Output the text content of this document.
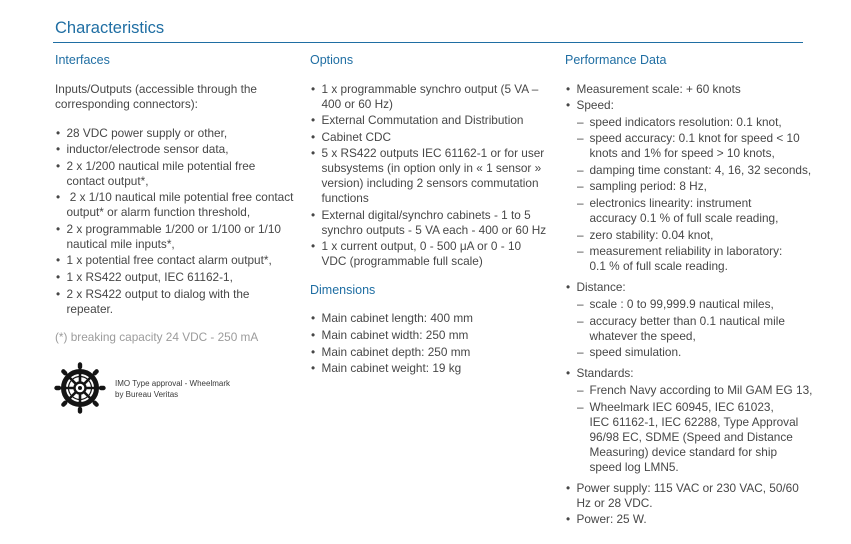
Characteristics
Interfaces

Inputs/Outputs (accessible through the
corresponding connectors):

• 28 VDC power supply or other,
• inductor/electrode sensor data,
• 2 x 1/200 nautical mile potential free
contact output*,
•  2 x 1/10 nautical mile potential free contact
output* or alarm function threshold,
• 2 x programmable 1/200 or 1/100 or 1/10
nautical mile inputs*,
• 1 x potential free contact alarm output*,
• 1 x RS422 output, IEC 61162-1,
• 2 x RS422 output to dialog with the
repeater.

(*) breaking capacity 24 VDC - 250 mA

IMO Type approval - Wheelmark
by Bureau Veritas
Options
• 1 x programmable synchro output (5 VA –
400 or 60 Hz)
• External Commutation and Distribution
• Cabinet CDC
• 5 x RS422 outputs IEC 61162-1 or for user
subsystems (in option only in « 1 sensor »
version) including 2 sensors commutation
functions
• External digital/synchro cabinets - 1 to 5
synchro outputs - 5 VA each - 400 or 60 Hz
• 1 x current output, 0 - 500 μA or 0 - 10
VDC (programmable full scale)
Dimensions
• Main cabinet length: 400 mm
• Main cabinet width: 250 mm
• Main cabinet depth: 250 mm
• Main cabinet weight: 19 kg
Performance Data
• Measurement scale: + 60 knots
• Speed:
– speed indicators resolution: 0.1 knot,
– speed accuracy: 0.1 knot for speed < 10
knots and 1% for speed > 10 knots,
– damping time constant: 4, 16, 32 seconds,
– sampling period: 8 Hz,
– electronics linearity: instrument
accuracy 0.1 % of full scale reading,
– zero stability: 0.04 knot,
– measurement reliability in laboratory:
0.1 % of full scale reading.
• Distance:
– scale : 0 to 99,999.9 nautical miles,
– accuracy better than 0.1 nautical mile
whatever the speed,
– speed simulation.
• Standards:
– French Navy according to Mil GAM EG 13,
– Wheelmark IEC 60945, IEC 61023,
IEC 61162-1, IEC 62288, Type Approval
96/98 EC, SDME (Speed and Distance
Measuring) device standard for ship
speed log LMN5.
• Power supply: 115 VAC or 230 VAC, 50/60
Hz or 28 VDC.
• Power: 25 W.
